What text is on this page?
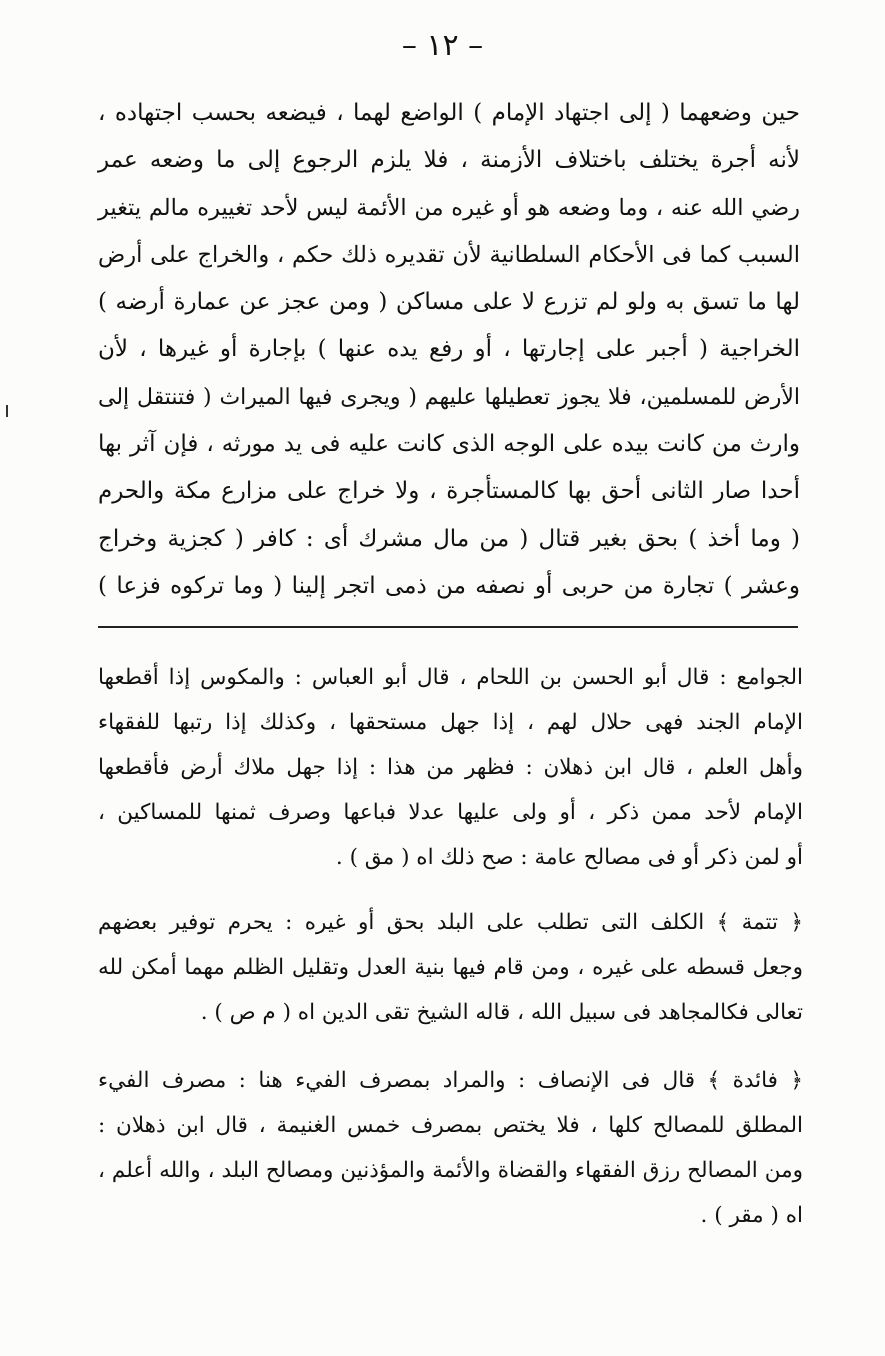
– ١٢ –
حين وضعهما ( إلى اجتهاد الإمام ) الواضع لهما ، فيضعه بحسب اجتهاده ،
لأنه أجرة يختلف باختلاف الأزمنة ، فلا يلزم الرجوع إلى ما وضعه عمر
رضي الله عنه ، وما وضعه هو أو غيره من الأئمة ليس لأحد تغييره مالم يتغير
السبب كما فى الأحكام السلطانية لأن تقديره ذلك حكم ، والخراج على أرض
لها ما تسق به ولو لم تزرع لا على مساكن ( ومن عجز عن عمارة أرضه )
الخراجية ( أجبر على إجارتها ، أو رفع يده عنها ) بإجارة أو غيرها ، لأن
الأرض للمسلمين، فلا يجوز تعطيلها عليهم ( ويجرى فيها الميراث ( فتنتقل إلى
وارث من كانت بيده على الوجه الذى كانت عليه فى يد مورثه ، فإن آثر بها
أحدا صار الثانى أحق بها كالمستأجرة ، ولا خراج على مزارع مكة والحرم
( وما أخذ ) بحق بغير قتال ( من مال مشرك أى : كافر ( كجزية وخراج
وعشر ) تجارة من حربى أو نصفه من ذمى اتجر إلينا ( وما تركوه فزعا )
الجوامع : قال أبو الحسن بن اللحام ، قال أبو العباس : والمكوس إذا أقطعها
الإمام الجند فهى حلال لهم ، إذا جهل مستحقها ، وكذلك إذا رتبها للفقهاء
وأهل العلم ، قال ابن ذهلان : فظهر من هذا : إذا جهل ملاك أرض فأقطعها
الإمام لأحد ممن ذكر ، أو ولى عليها عدلا فباعها وصرف ثمنها للمساكين ،
أو لمن ذكر أو فى مصالح عامة : صح ذلك اه ( مق ) .
﴿ تتمة ﴾ الكلف التى تطلب على البلد بحق أو غيره : يحرم توفير بعضهم
وجعل قسطه على غيره ، ومن قام فيها بنية العدل وتقليل الظلم مهما أمكن لله
تعالى فكالمجاهد فى سبيل الله ، قاله الشيخ تقى الدين اه ( م ص ) .
﴿ فائدة ﴾ قال فى الإنصاف : والمراد بمصرف الفيء هنا : مصرف الفيء
المطلق للمصالح كلها ، فلا يختص بمصرف خمس الغنيمة ، قال ابن ذهلان :
ومن المصالح رزق الفقهاء والقضاة والأئمة والمؤذنين ومصالح البلد ، والله أعلم ،
اه ( مقر ) .
